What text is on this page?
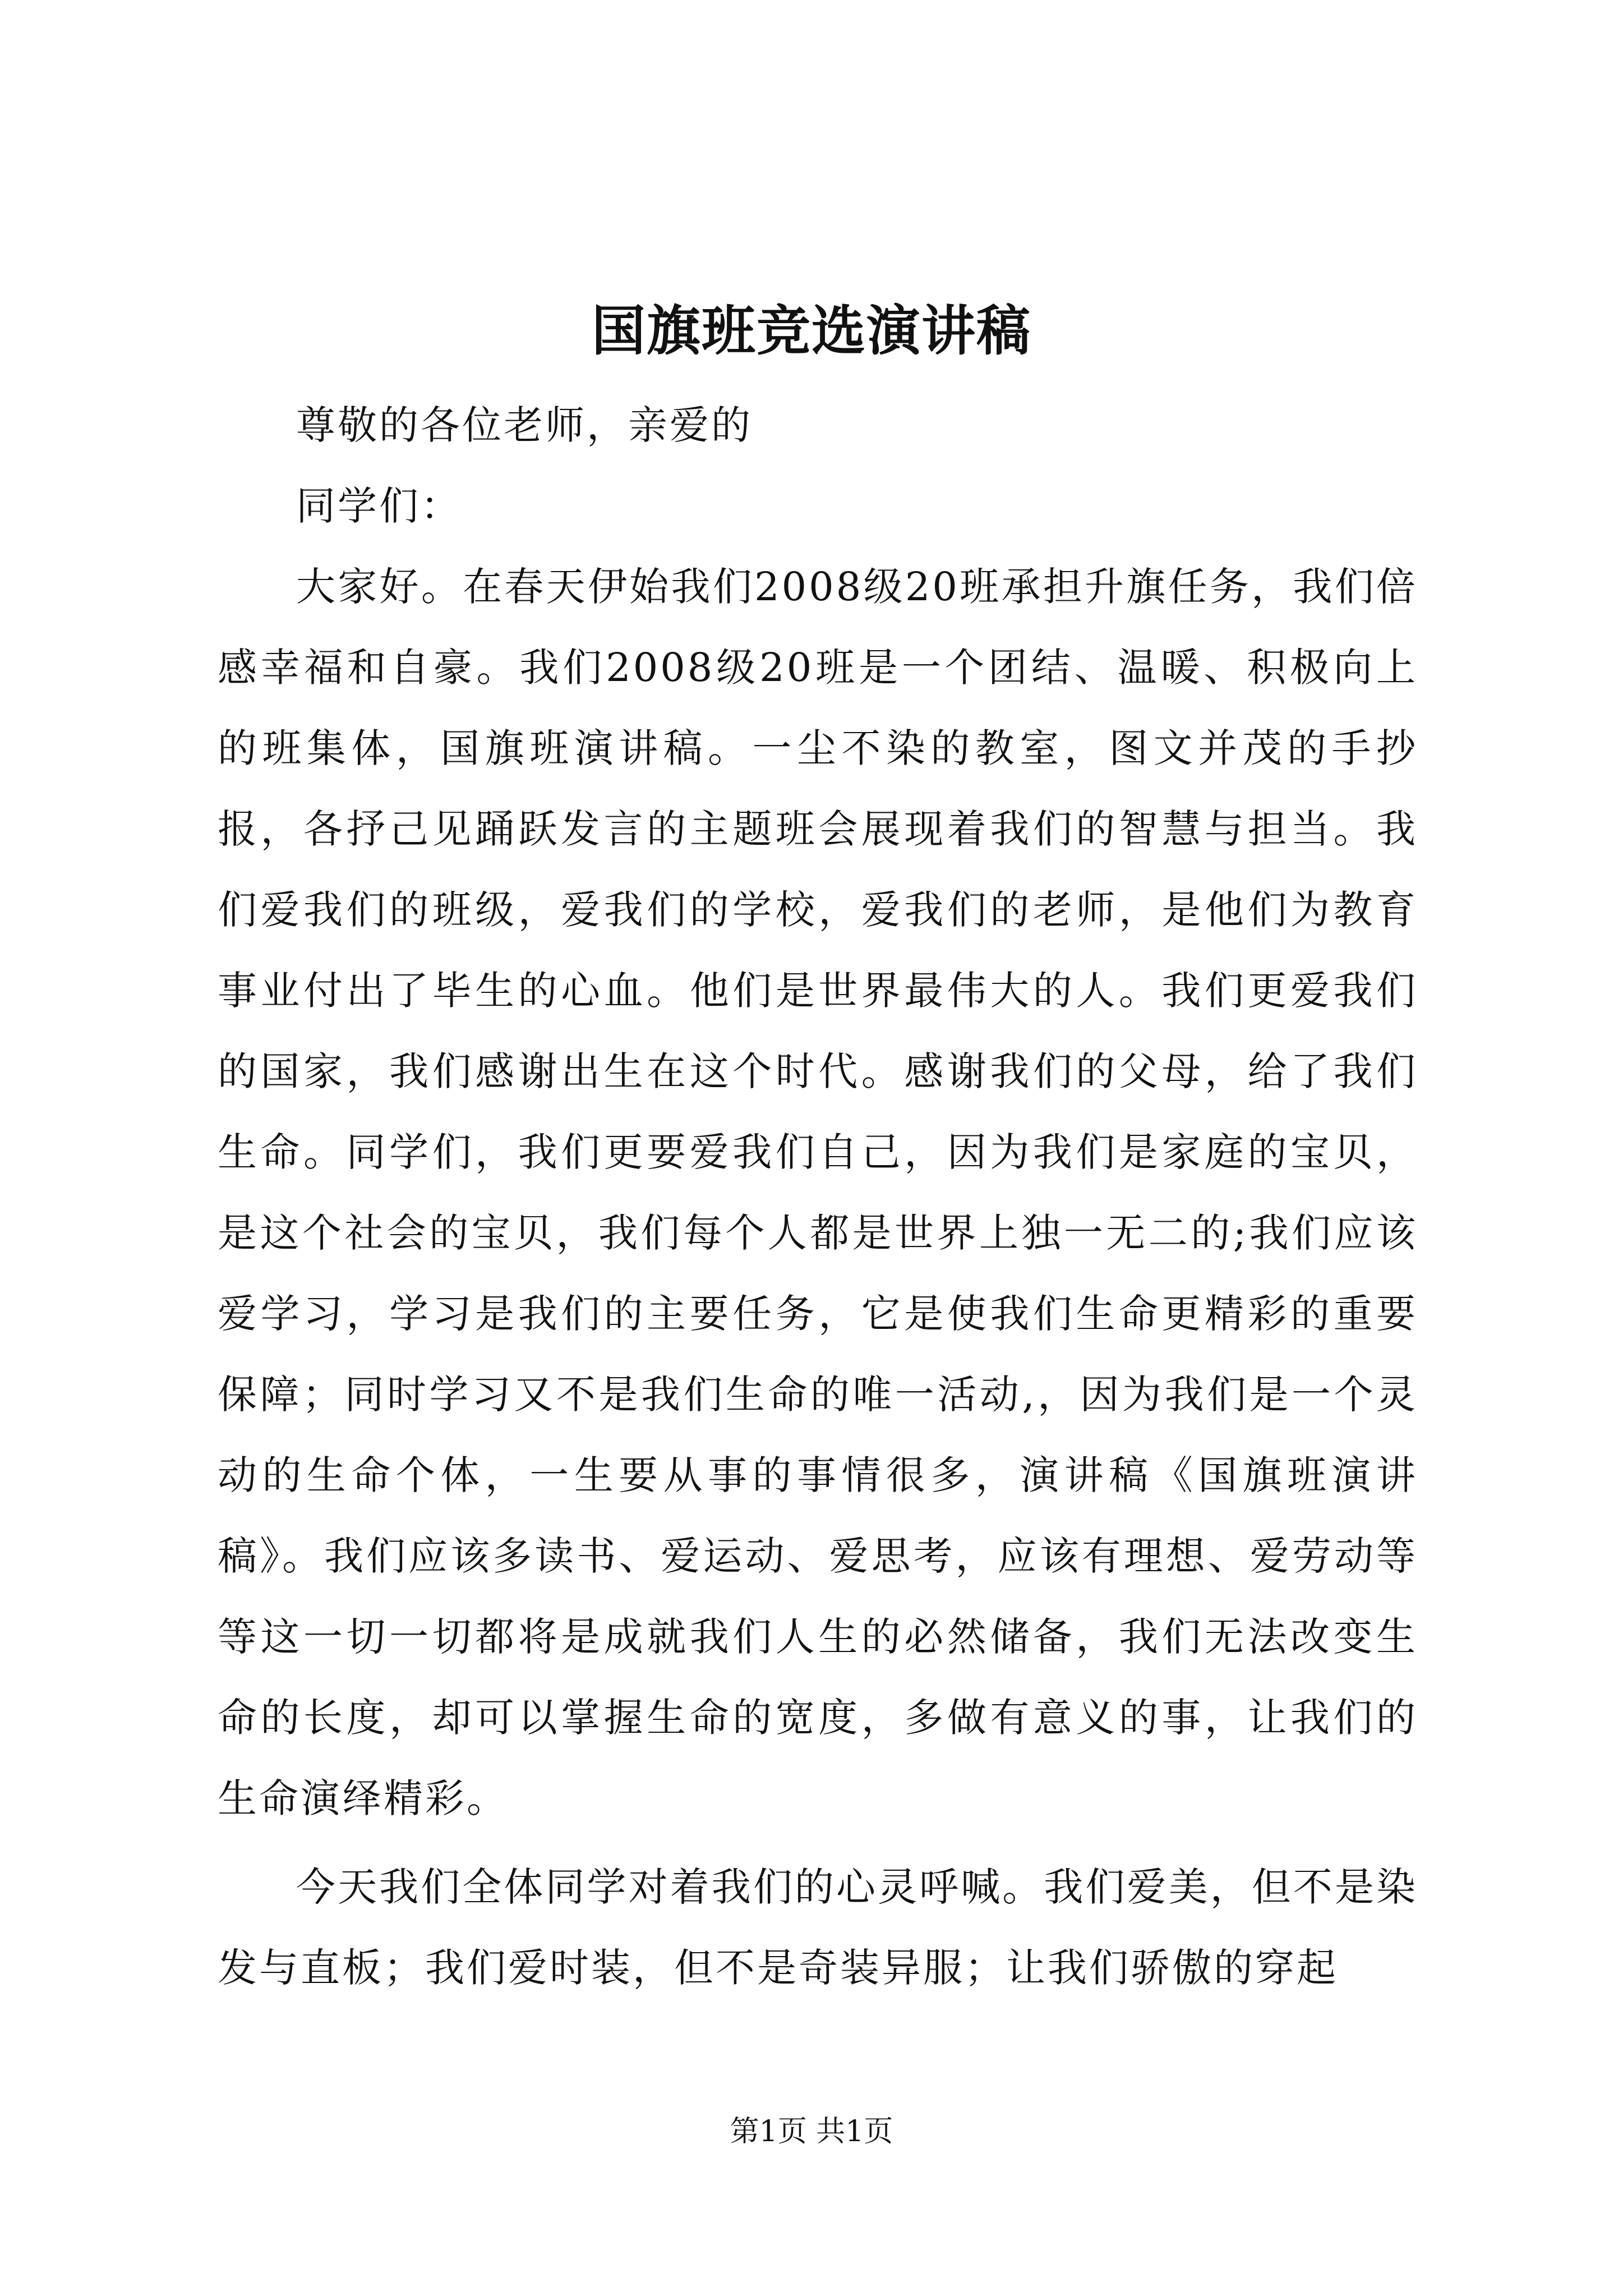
国旗班竞选演讲稿

尊敬的各位老师，亲爱的

同学们：

大家好。在春天伊始我们2008级20班承担升旗任务，我们倍感幸福和自豪。我们2008级20班是一个团结、温暖、积极向上的班集体，国旗班演讲稿。一尘不染的教室，图文并茂的手抄报，各抒己见踊跃发言的主题班会展现着我们的智慧与担当。我们爱我们的班级，爱我们的学校，爱我们的老师，是他们为教育事业付出了毕生的心血。他们是世界最伟大的人。我们更爱我们的国家，我们感谢出生在这个时代。感谢我们的父母，给了我们生命。同学们，我们更要爱我们自己，因为我们是家庭的宝贝，是这个社会的宝贝，我们每个人都是世界上独一无二的;我们应该爱学习，学习是我们的主要任务，它是使我们生命更精彩的重要保障；同时学习又不是我们生命的唯一活动,，因为我们是一个灵动的生命个体，一生要从事的事情很多，演讲稿《国旗班演讲稿》。我们应该多读书、爱运动、爱思考，应该有理想、爱劳动等等这一切一切都将是成就我们人生的必然储备，我们无法改变生命的长度，却可以掌握生命的宽度，多做有意义的事，让我们的生命演绎精彩。

今天我们全体同学对着我们的心灵呼喊。我们爱美，但不是染发与直板；我们爱时装，但不是奇装异服；让我们骄傲的穿起

第1页 共1页
